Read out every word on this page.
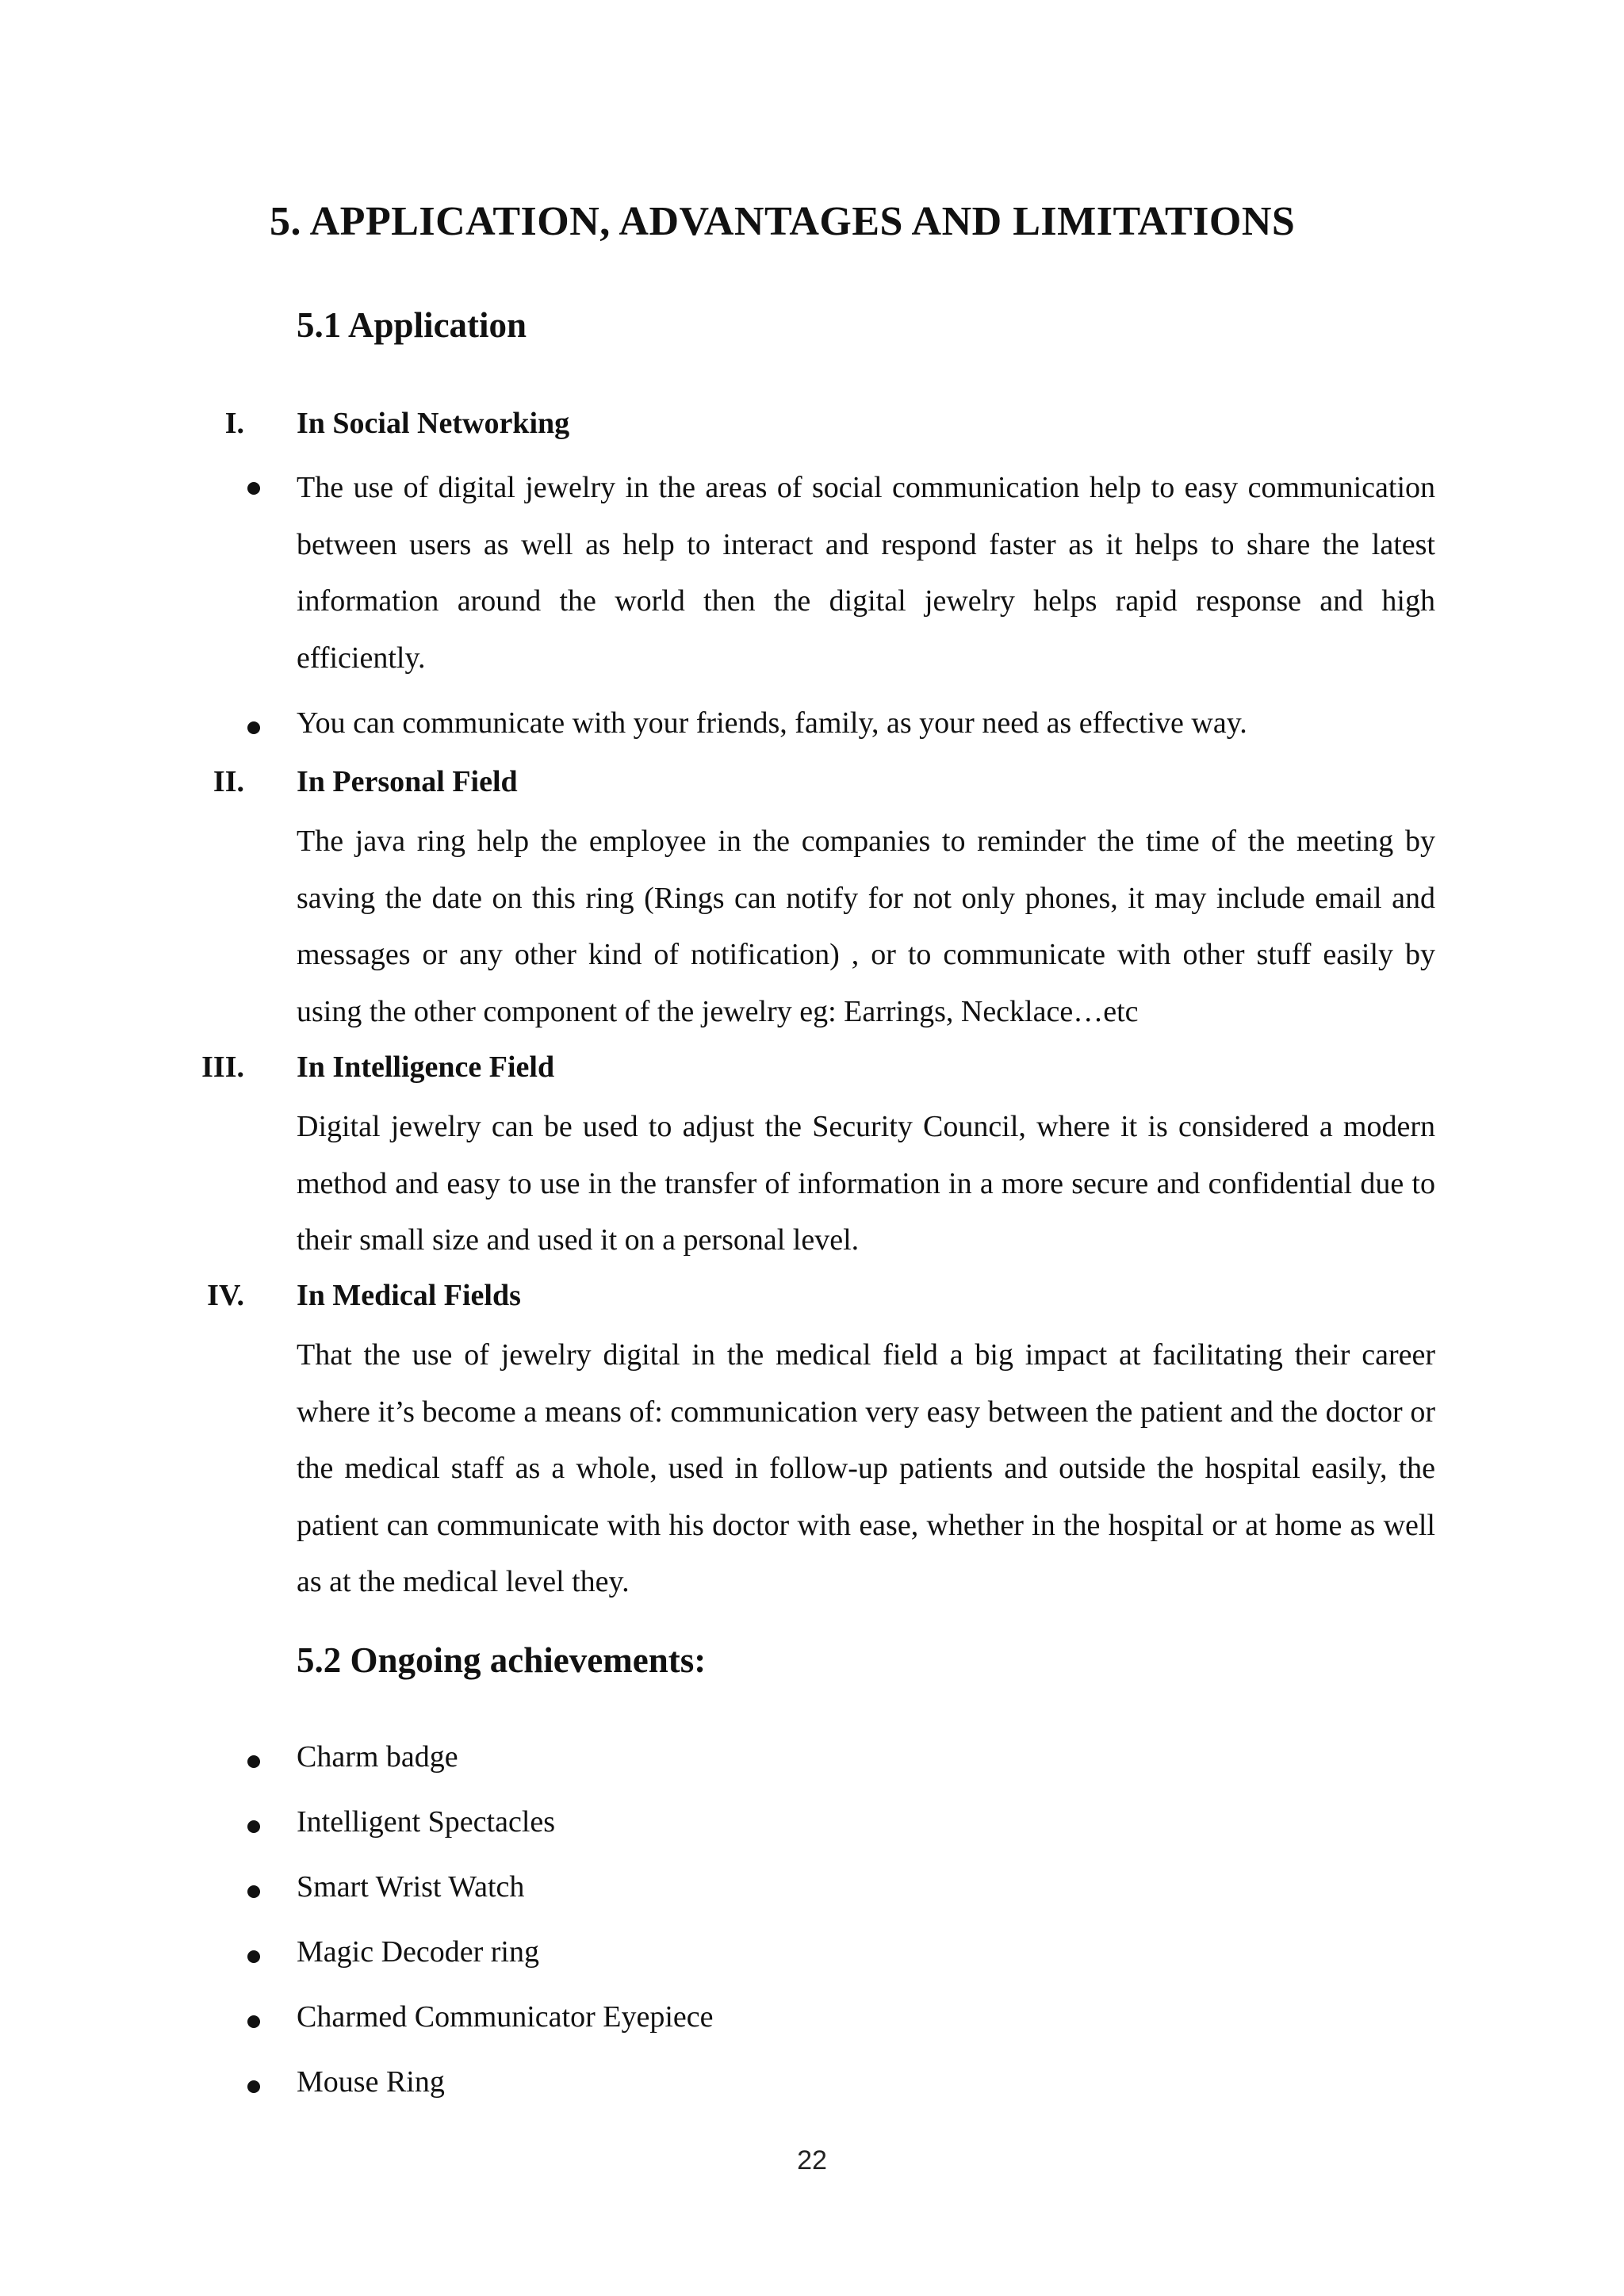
5. APPLICATION, ADVANTAGES AND LIMITATIONS
5.1 Application
I. In Social Networking

The use of digital jewelry in the areas of social communication help to easy communication between users as well as help to interact and respond faster as it helps to share the latest information around the world then the digital jewelry helps rapid response and high efficiently.

You can communicate with your friends, family, as your need as effective way.

II. In Personal Field

The java ring help the employee in the companies to reminder the time of the meeting by saving the date on this ring (Rings can notify for not only phones, it may include email and messages or any other kind of notification) , or to communicate with other stuff easily by using the other component of the jewelry eg: Earrings, Necklace…etc

III. In Intelligence Field

Digital jewelry can be used to adjust the Security Council, where it is considered a modern method and easy to use in the transfer of information in a more secure and confidential due to their small size and used it on a personal level.

IV. In Medical Fields

That the use of jewelry digital in the medical field a big impact at facilitating their career where it’s become a means of: communication very easy between the patient and the doctor or the medical staff as a whole, used in follow-up patients and outside the hospital easily, the patient can communicate with his doctor with ease, whether in the hospital or at home as well as at the medical level they.

5.2 Ongoing achievements:

Charm badge

Intelligent Spectacles

Smart Wrist Watch

Magic Decoder ring

Charmed Communicator Eyepiece

Mouse Ring

22
